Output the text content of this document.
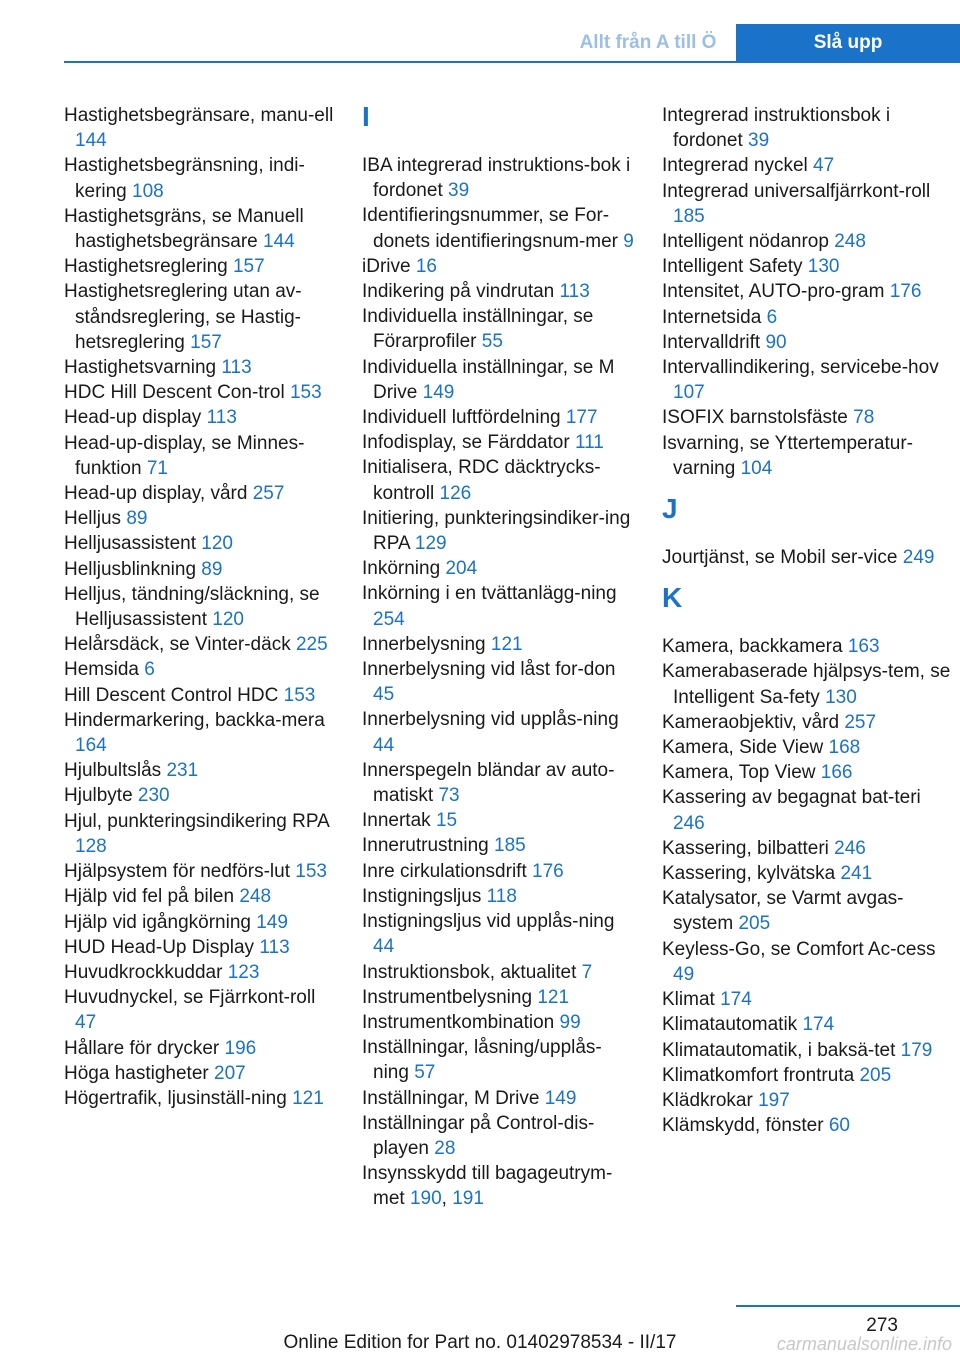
Allt från A till Ö	Slå upp

Hastighetsbegränsare, manu-ell 144

Hastighetsbegränsning, indi-kering 108

Hastighetsgräns, se Manuell hastighetsbegränsare 144

Hastighetsreglering 157

Hastighetsreglering utan av-ståndsreglering, se Hastig-hetsreglering 157

Hastighetsvarning 113

HDC Hill Descent Con-trol 153

Head-up display 113

Head-up-display, se Minnes-funktion 71

Head-up display, vård 257

Helljus 89

Helljusassistent 120

Helljusblinkning 89

Helljus, tändning/släckning, se Helljusassistent 120

Helårsdäck, se Vinter-däck 225

Hemsida 6

Hill Descent Control HDC 153

Hindermarkering, backka-mera 164

Hjulbultslås 231

Hjulbyte 230

Hjul, punkteringsindikering RPA 128

Hjälpsystem för nedförs-lut 153

Hjälp vid fel på bilen 248

Hjälp vid igångkörning 149

HUD Head-Up Display 113

Huvudkrockkuddar 123

Huvudnyckel, se Fjärrkont-roll 47

Hållare för drycker 196

Höga hastigheter 207

Högertrafik, ljusinställ-ning 121

I

IBA integrerad instruktions-bok i fordonet 39

Identifieringsnummer, se For-donets identifieringsnum-mer 9

iDrive 16

Indikering på vindrutan 113

Individuella inställningar, se Förarprofiler 55

Individuella inställningar, se M Drive 149

Individuell luftfördelning 177

Infodisplay, se Färddator 111

Initialisera, RDC däcktrycks-kontroll 126

Initiering, punkteringsindiker-ing RPA 129

Inkörning 204

Inkörning i en tvättanlägg-ning 254

Innerbelysning 121

Innerbelysning vid låst for-don 45

Innerbelysning vid upplås-ning 44

Innerspegeln bländar av auto-matiskt 73

Innertak 15

Innerutrustning 185

Inre cirkulationsdrift 176

Instigningsljus 118

Instigningsljus vid upplås-ning 44

Instruktionsbok, aktualitet 7

Instrumentbelysning 121

Instrumentkombination 99

Inställningar, låsning/upplås-ning 57

Inställningar, M Drive 149

Inställningar på Control-dis-playen 28

Insynsskydd till bagageutrym-met 190, 191

Integrerad instruktionsbok i fordonet 39

Integrerad nyckel 47

Integrerad universalfjärrkont-roll 185

Intelligent nödanrop 248

Intelligent Safety 130

Intensitet, AUTO-pro-gram 176

Internetsida 6

Intervalldrift 90

Intervallindikering, servicebe-hov 107

ISOFIX barnstolsfäste 78

Isvarning, se Yttertemperatur-varning 104

J

Jourtjänst, se Mobil ser-vice 249

K

Kamera, backkamera 163

Kamerabaserade hjälpsys-tem, se Intelligent Sa-fety 130

Kameraobjektiv, vård 257

Kamera, Side View 168

Kamera, Top View 166

Kassering av begagnat bat-teri 246

Kassering, bilbatteri 246

Kassering, kylvätska 241

Katalysator, se Varmt avgas-system 205

Keyless-Go, se Comfort Ac-cess 49

Klimat 174

Klimatautomatik 174

Klimatautomatik, i baksä-tet 179

Klimatkomfort frontruta 205

Klädkrokar 197

Klämskydd, fönster 60

273
Online Edition for Part no. 01402978534 - II/17	carmanualsonline.info
